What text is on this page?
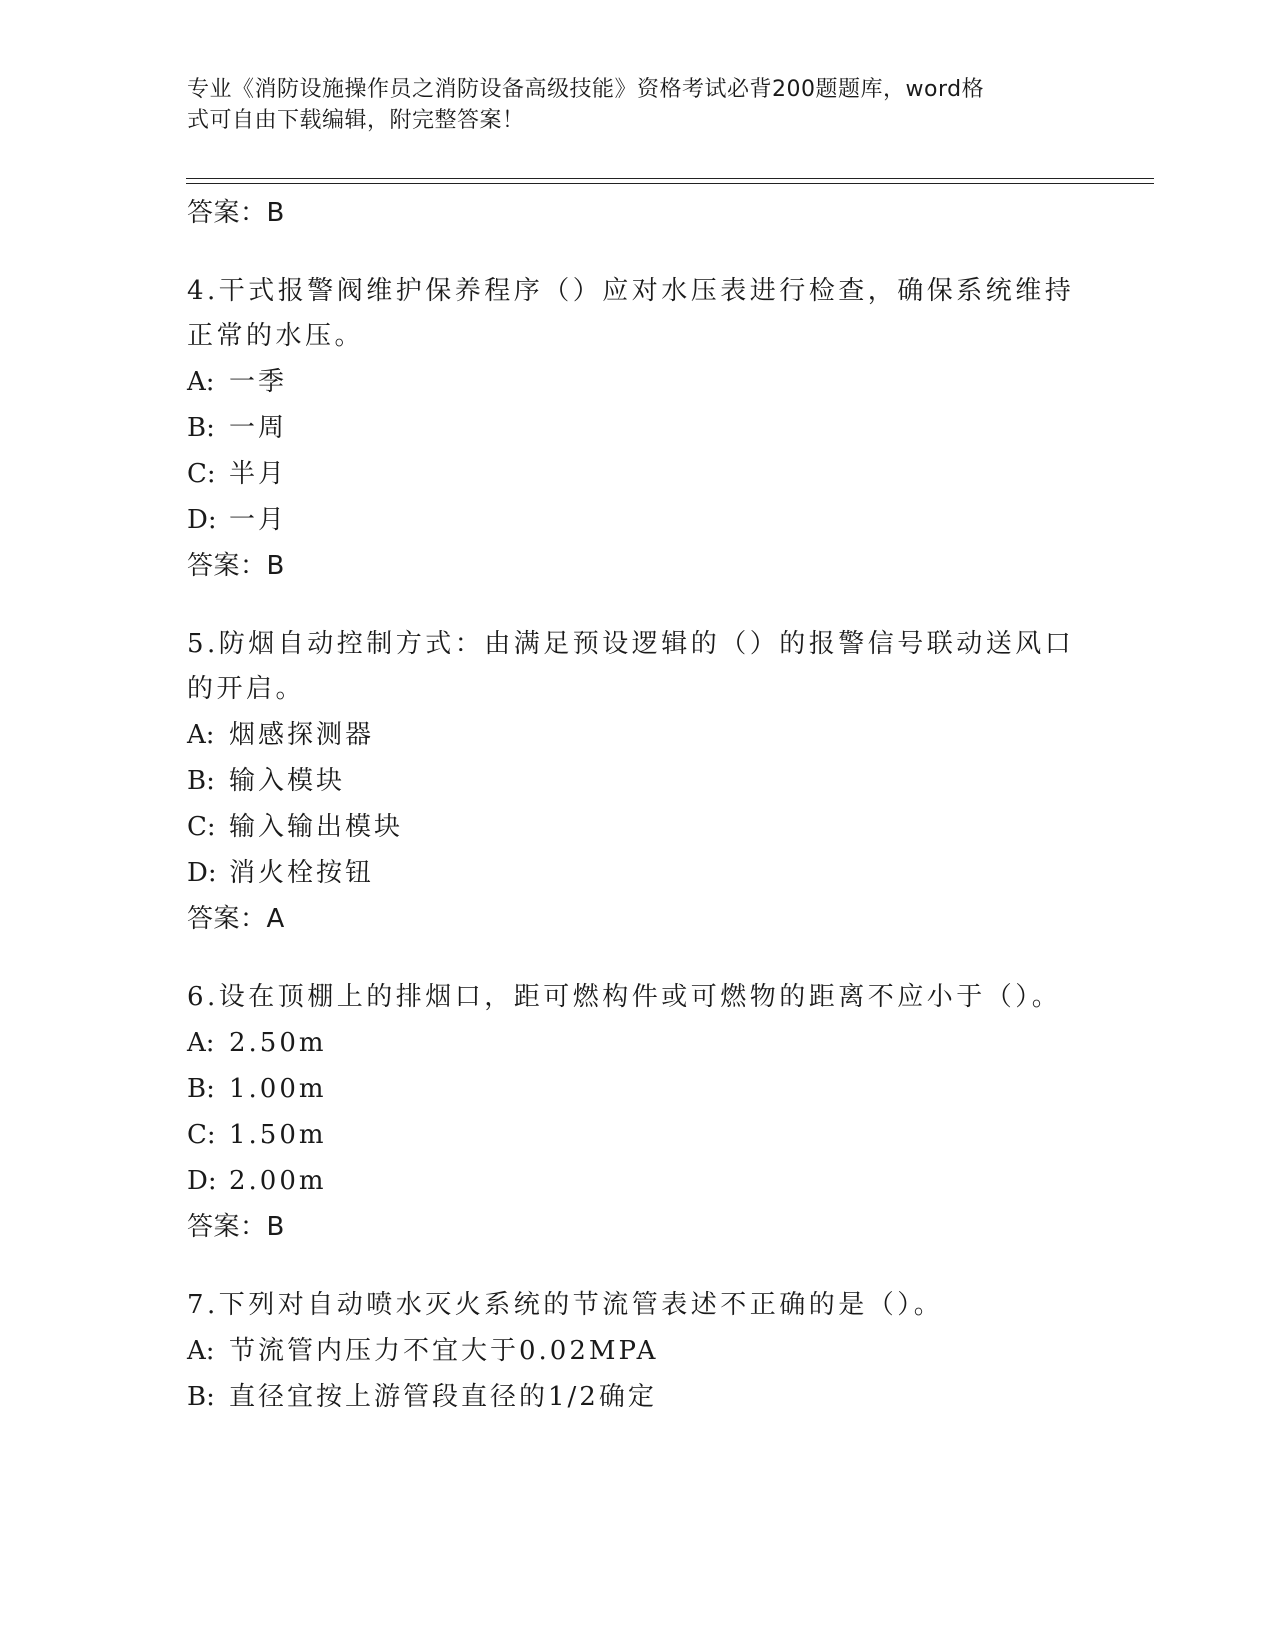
专业《消防设施操作员之消防设备高级技能》资格考试必背200题题库，word格
式可自由下载编辑，附完整答案！
答案：B
4.干式报警阀维护保养程序（）应对水压表进行检查，确保系统维持
正常的水压。
A: 一季
B: 一周
C: 半月
D: 一月
答案：B
5.防烟自动控制方式：由满足预设逻辑的（）的报警信号联动送风口
的开启。
A: 烟感探测器
B: 输入模块
C: 输入输出模块
D: 消火栓按钮
答案：A
6.设在顶棚上的排烟口，距可燃构件或可燃物的距离不应小于（）。
A: 2.50m
B: 1.00m
C: 1.50m
D: 2.00m
答案：B
7.下列对自动喷水灭火系统的节流管表述不正确的是（）。
A: 节流管内压力不宜大于0.02MPA
B: 直径宜按上游管段直径的1/2确定
